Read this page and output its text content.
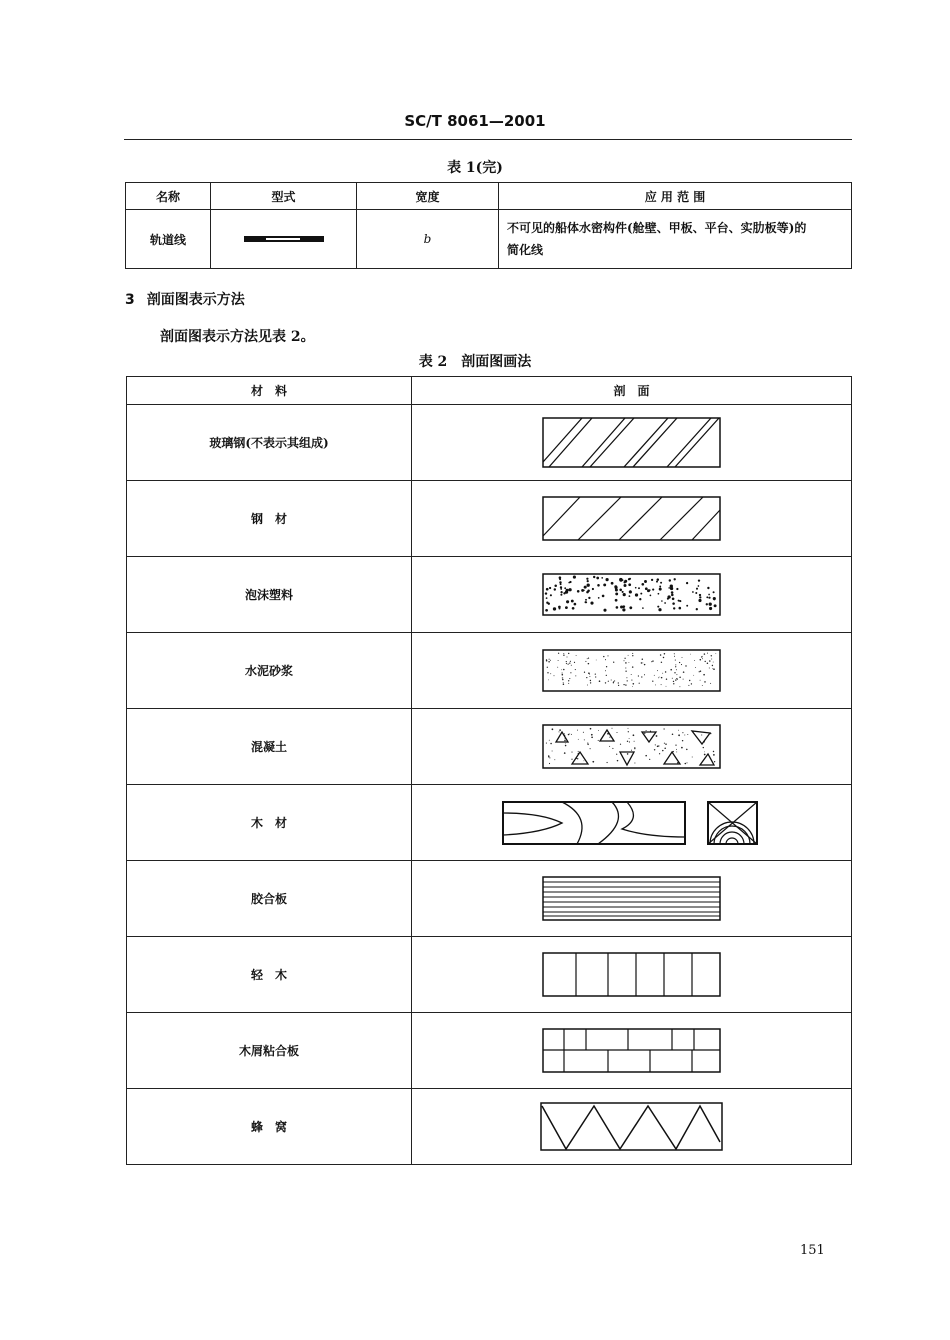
SC/T 8061—2001
表 1(完)
名称	型式	宽度	应 用 范 围
轨道线		b	不可见的船体水密构件(舱壁、甲板、平台、实肋板等)的
简化线
3 剖面图表示方法
剖面图表示方法见表 2。
表 2　剖面图画法
材　料	剖　面
玻璃钢(不表示其组成)	

钢　材	

泡沫塑料	

水泥砂浆	

混凝土	

木　材	

胶合板	

轻　木	

木屑粘合板	

蜂　窝	
151
